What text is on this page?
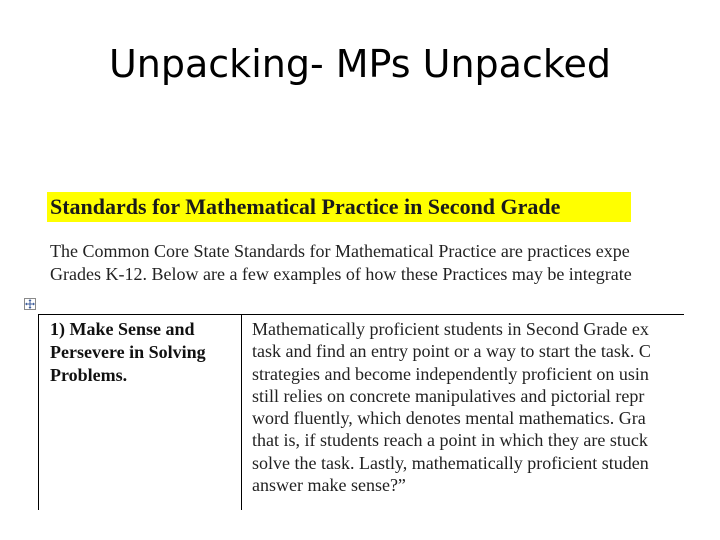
Unpacking- MPs Unpacked
Standards for Mathematical Practice in Second Grade
The Common Core State Standards for Mathematical Practice are practices expe
Grades K-12. Below are a few examples of how these Practices may be integrate
1) Make Sense and
Persevere in Solving
Problems.
Mathematically proficient students in Second Grade ex
task and find an entry point or a way to start the task. C
strategies and become independently proficient on usin
still relies on concrete manipulatives and pictorial repr
word fluently, which denotes mental mathematics. Gra
that is, if students reach a point in which they are stuck
solve the task. Lastly, mathematically proficient studen
answer make sense?”
